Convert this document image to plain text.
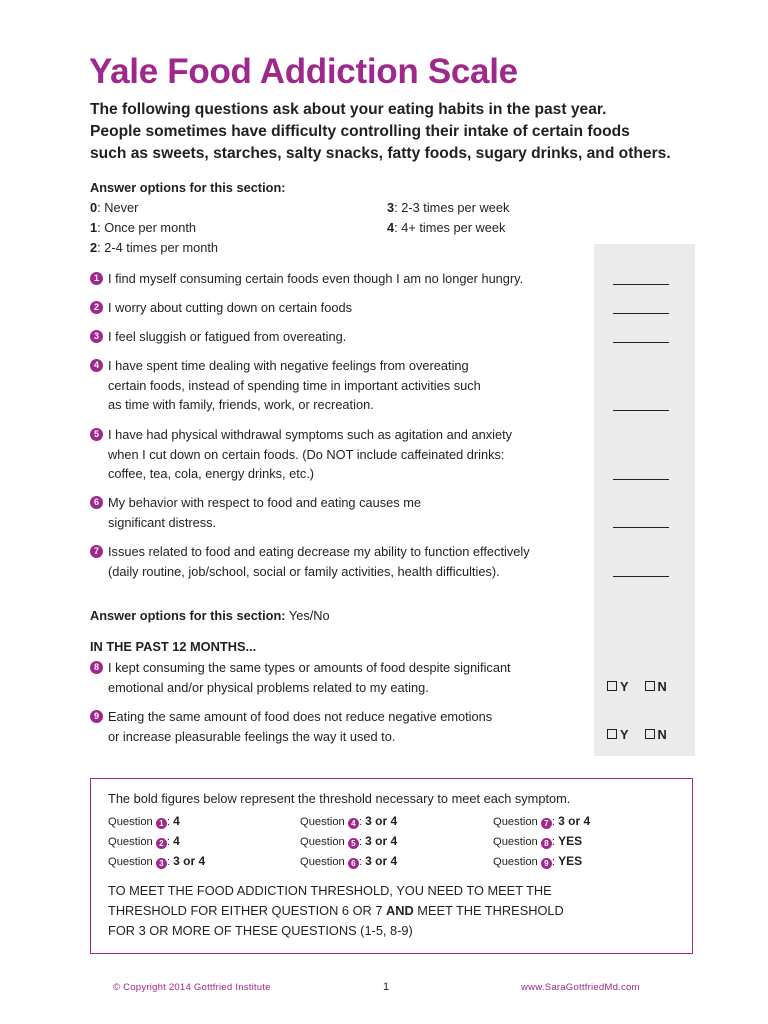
Yale Food Addiction Scale
The following questions ask about your eating habits in the past year.
People sometimes have difficulty controlling their intake of certain foods
such as sweets, starches, salty snacks, fatty foods, sugary drinks, and others.
Answer options for this section:
0: Never
1: Once per month
2: 2-4 times per month
3: 2-3 times per week
4: 4+ times per week
1 I find myself consuming certain foods even though I am no longer hungry.
2 I worry about cutting down on certain foods
3 I feel sluggish or fatigued from overeating.
4 I have spent time dealing with negative feelings from overeating
certain foods, instead of spending time in important activities such
as time with family, friends, work, or recreation.
5 I have had physical withdrawal symptoms such as agitation and anxiety
when I cut down on certain foods. (Do NOT include caffeinated drinks:
coffee, tea, cola, energy drinks, etc.)
6 My behavior with respect to food and eating causes me
significant distress.
7 Issues related to food and eating decrease my ability to function effectively
(daily routine, job/school, social or family activities, health difficulties).
Answer options for this section: Yes/No
IN THE PAST 12 MONTHS...
8 I kept consuming the same types or amounts of food despite significant
emotional and/or physical problems related to my eating.	Y N
9 Eating the same amount of food does not reduce negative emotions
or increase pleasurable feelings the way it used to.	Y N
The bold figures below represent the threshold necessary to meet each symptom.
Question 1 : 4
Question 2 : 4
Question 3 : 3 or 4
Question 4 : 3 or 4
Question 5 : 3 or 4
Question 6 : 3 or 4
Question 7 : 3 or 4
Question 8 : YES
Question 9 : YES
TO MEET THE FOOD ADDICTION THRESHOLD, YOU NEED TO MEET THE
THRESHOLD FOR EITHER QUESTION 6 OR 7 AND MEET THE THRESHOLD
FOR 3 OR MORE OF THESE QUESTIONS (1-5, 8-9)
© Copyright 2014 Gottfried Institute	1	www.SaraGottfriedMd.com
